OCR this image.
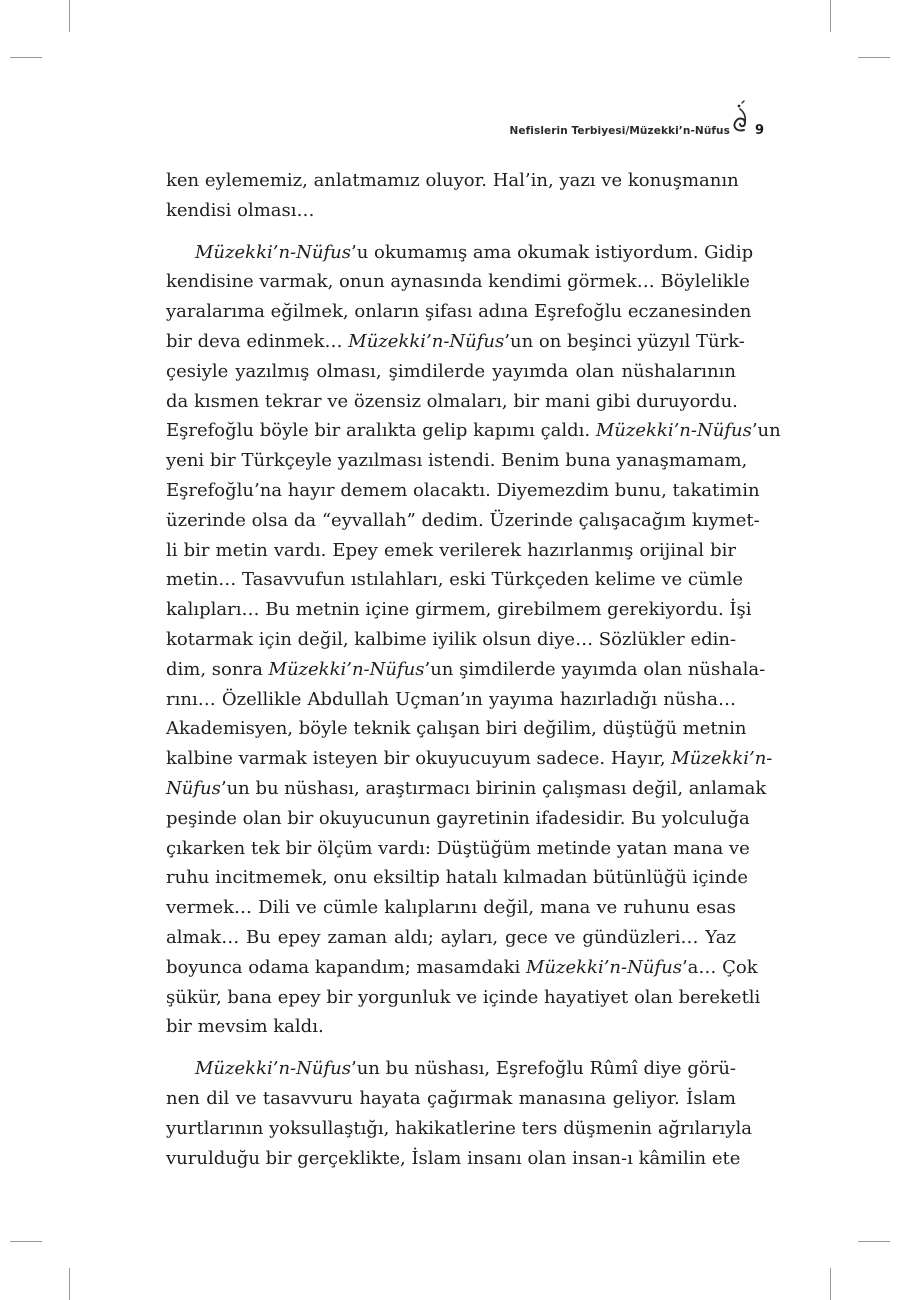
Nefislerin Terbiyesi/Müzekki’n-Nüfus 9
ken eylememiz, anlatmamız oluyor. Hal’in, yazı ve konuşmanın
kendisi olması…
Müzekki’n-Nüfus’u okumamış ama okumak istiyordum. Gidip
kendisine varmak, onun aynasında kendimi görmek… Böylelikle
yaralarıma eğilmek, onların şifası adına Eşrefoğlu eczanesinden
bir deva edinmek… Müzekki’n-Nüfus’un on beşinci yüzyıl Türk-
çesiyle yazılmış olması, şimdilerde yayımda olan nüshalarının
da kısmen tekrar ve özensiz olmaları, bir mani gibi duruyordu.
Eşrefoğlu böyle bir aralıkta gelip kapımı çaldı. Müzekki’n-Nüfus’un
yeni bir Türkçeyle yazılması istendi. Benim buna yanaşmamam,
Eşrefoğlu’na hayır demem olacaktı. Diyemezdim bunu, takatimin
üzerinde olsa da “eyvallah” dedim. Üzerinde çalışacağım kıymet-
li bir metin vardı. Epey emek verilerek hazırlanmış orijinal bir
metin… Tasavvufun ıstılahları, eski Türkçeden kelime ve cümle
kalıpları… Bu metnin içine girmem, girebilmem gerekiyordu. İşi
kotarmak için değil, kalbime iyilik olsun diye… Sözlükler edin-
dim, sonra Müzekki’n-Nüfus’un şimdilerde yayımda olan nüshala-
rını… Özellikle Abdullah Uçman’ın yayıma hazırladığı nüsha…
Akademisyen, böyle teknik çalışan biri değilim, düştüğü metnin
kalbine varmak isteyen bir okuyucuyum sadece. Hayır, Müzekki’n-
Nüfus’un bu nüshası, araştırmacı birinin çalışması değil, anlamak
peşinde olan bir okuyucunun gayretinin ifadesidir. Bu yolculuğa
çıkarken tek bir ölçüm vardı: Düştüğüm metinde yatan mana ve
ruhu incitmemek, onu eksiltip hatalı kılmadan bütünlüğü içinde
vermek… Dili ve cümle kalıplarını değil, mana ve ruhunu esas
almak… Bu epey zaman aldı; ayları, gece ve gündüzleri… Yaz
boyunca odama kapandım; masamdaki Müzekki’n-Nüfus’a… Çok
şükür, bana epey bir yorgunluk ve içinde hayatiyet olan bereketli
bir mevsim kaldı.
Müzekki’n-Nüfus’un bu nüshası, Eşrefoğlu Rûmî diye görü-
nen dil ve tasavvuru hayata çağırmak manasına geliyor. İslam
yurtlarının yoksullaştığı, hakikatlerine ters düşmenin ağrılarıyla
vurulduğu bir gerçeklikte, İslam insanı olan insan-ı kâmilin ete
